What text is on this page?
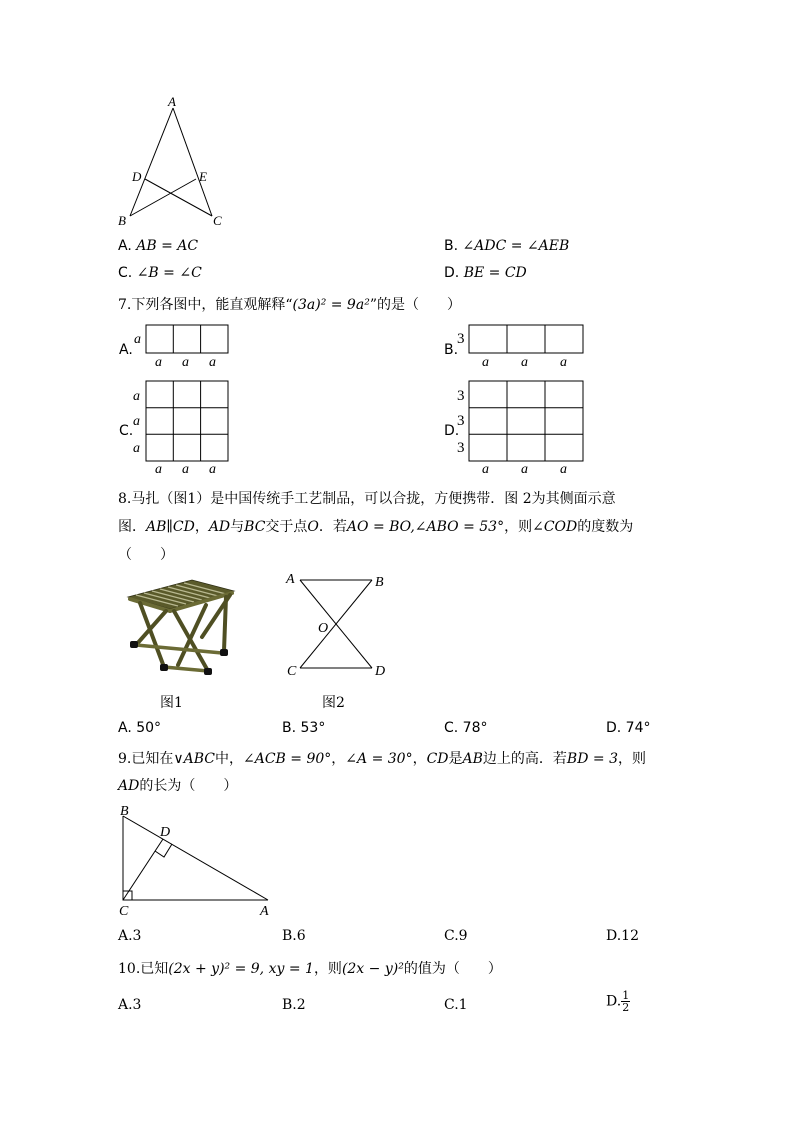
A
D	E
B	C
A. AB = AC	B. ∠ADC = ∠AEB
C. ∠B = ∠C	D. BE = CD
7.下列各图中，能直观解释“(3a)² = 9a²”的是（　　）
A.
a
a a a
B.
3
a a a
C.
a
a
a
a a a
D.
3
3
3
a a a
8.马扎（图1）是中国传统手工艺制品，可以合拢，方便携带．图 2为其侧面示意
图．AB∥CD，AD与BC交于点O．若AO = BO,∠ABO = 53°，则∠COD的度数为
（　　）
图1
A	B
O
C	D
图2
A. 50°	B. 53°	C. 78°	D. 74°
9.已知在∨ABC中，∠ACB = 90°，∠A = 30°，CD是AB边上的高．若BD = 3，则
AD的长为（　　）
B
D
C	A
A.3	B.6	C.9	D.12
10.已知(2x + y)² = 9, xy = 1，则(2x − y)²的值为（　　）
A.3	B.2	C.1	D. $\frac{1}{2}$
